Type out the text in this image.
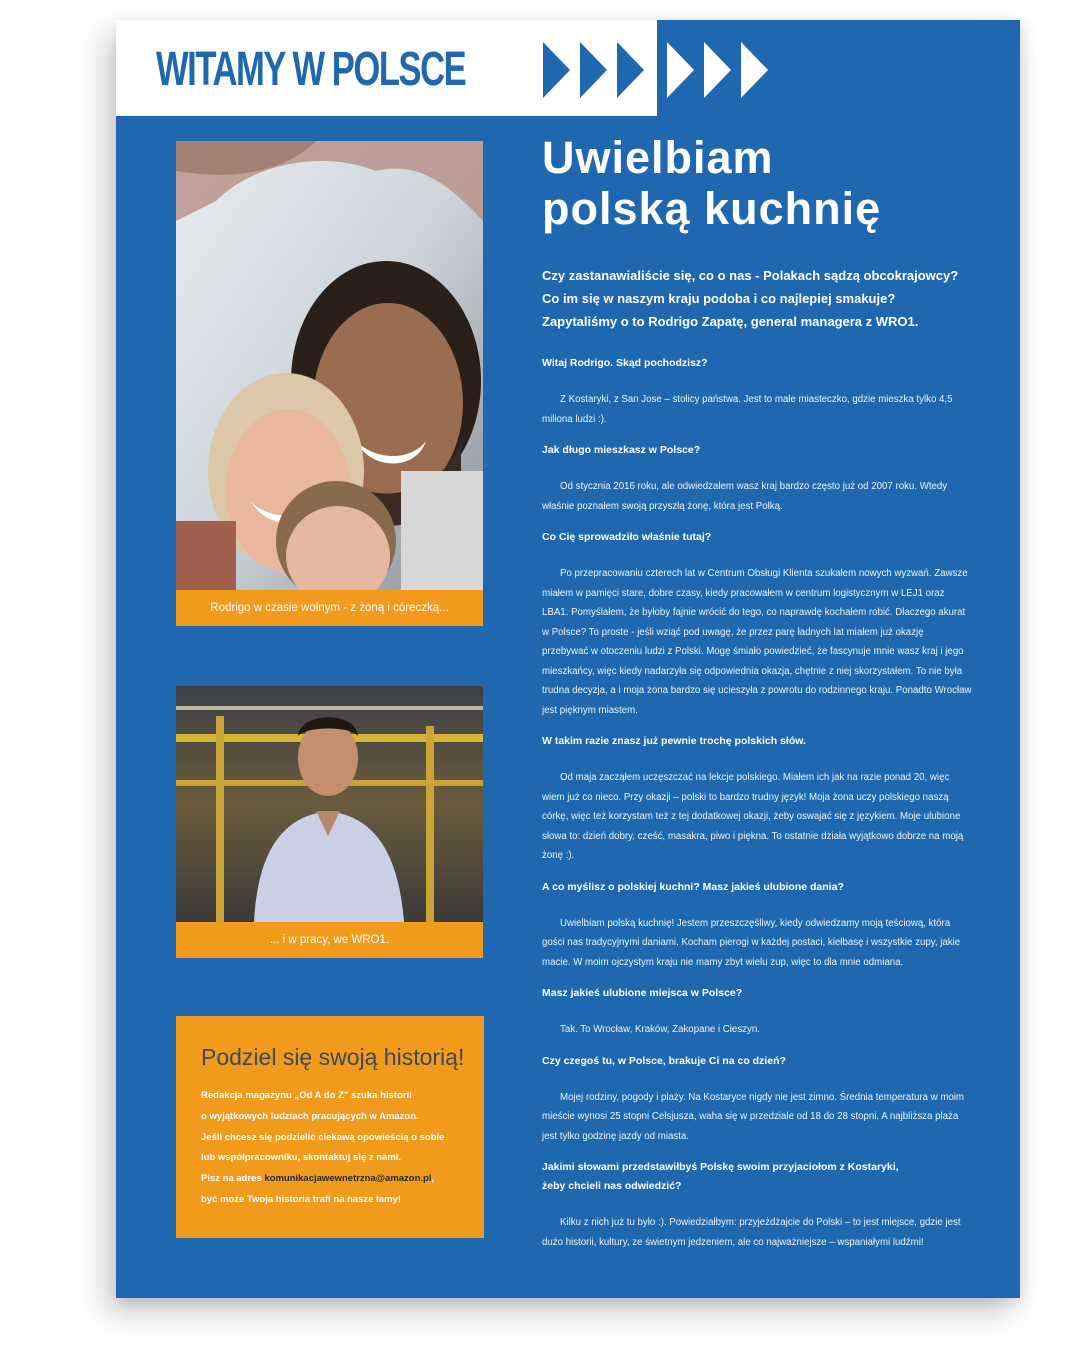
WITAMY W POLSCE
Rodrigo w czasie wolnym - z żoną i córeczką...
... i w pracy, we WRO1.
Podziel się swoją historią!
Redakcja magazynu „Od A do Z" szuka historii
o wyjątkowych ludziach pracujących w Amazon.
Jeśli chcesz się podzielić ciekawą opowieścią o sobie
lub współpracowniku, skontaktuj się z nami.
Pisz na adres komunikacjawewnetrzna@amazon.pl,
być może Twoja historia trafi na nasze łamy!
Uwielbiam
polską kuchnię
Czy zastanawialiście się, co o nas - Polakach sądzą obcokrajowcy?
Co im się w naszym kraju podoba i co najlepiej smakuje?
Zapytaliśmy o to Rodrigo Zapatę, general managera z WRO1.
Witaj Rodrigo. Skąd pochodzisz?
Z Kostaryki, z San Jose – stolicy państwa. Jest to małe miasteczko, gdzie mieszka tylko 4,5 miliona ludzi :).
Jak długo mieszkasz w Polsce?
Od stycznia 2016 roku, ale odwiedzałem wasz kraj bardzo często już od 2007 roku. Wtedy właśnie poznałem swoją przyszłą żonę, która jest Polką.
Co Cię sprowadziło właśnie tutaj?
Po przepracowaniu czterech lat w Centrum Obsługi Klienta szukałem nowych wyzwań. Zawsze miałem w pamięci stare, dobre czasy, kiedy pracowałem w centrum logistycznym w LEJ1 oraz LBA1. Pomyślałem, że byłoby fajnie wrócić do tego, co naprawdę kochałem robić. Dlaczego akurat w Polsce? To proste - jeśli wziąć pod uwagę, że przez parę ładnych lat miałem już okazję przebywać w otoczeniu ludzi z Polski. Mogę śmiało powiedzieć, że fascynuje mnie wasz kraj i jego mieszkańcy, więc kiedy nadarzyła się odpowiednia okazja, chętnie z niej skorzystałem. To nie była trudna decyzja, a i moja żona bardzo się ucieszyła z powrotu do rodzinnego kraju. Ponadto Wrocław jest pięknym miastem.
W takim razie znasz już pewnie trochę polskich słów.
Od maja zacząłem uczęszczać na lekcje polskiego. Miałem ich jak na razie ponad 20, więc wiem już co nieco. Przy okazji – polski to bardzo trudny język! Moja żona uczy polskiego naszą córkę, więc też korzystam też z tej dodatkowej okazji, żeby oswajać się z językiem. Moje ulubione słowa to: dzień dobry, cześć, masakra, piwo i piękna. To ostatnie działa wyjątkowo dobrze na moją żonę :).
A co myślisz o polskiej kuchni? Masz jakieś ulubione dania?
Uwielbiam polską kuchnię! Jestem przeszczęśliwy, kiedy odwiedzamy moją teściową, która gości nas tradycyjnymi daniami. Kocham pierogi w każdej postaci, kiełbasę i wszystkie zupy, jakie macie. W moim ojczystym kraju nie mamy zbyt wielu zup, więc to dla mnie odmiana.
Masz jakieś ulubione miejsca w Polsce?
Tak. To Wrocław, Kraków, Zakopane i Cieszyn.
Czy czegoś tu, w Polsce, brakuje Ci na co dzień?
Mojej rodziny, pogody i plaży. Na Kostaryce nigdy nie jest zimno. Średnia temperatura w moim mieście wynosi 25 stopni Celsjusza, waha się w przedziale od 18 do 28 stopni. A najbliższa plaża jest tylko godzinę jazdy od miasta.
Jakimi słowami przedstawiłbyś Polskę swoim przyjaciołom z Kostaryki, żeby chcieli nas odwiedzić?
Kilku z nich już tu było :). Powiedziałbym: przyjeżdżajcie do Polski – to jest miejsce, gdzie jest dużo historii, kultury, ze świetnym jedzeniem, ale co najważniejsze – wspaniałymi ludźmi!
